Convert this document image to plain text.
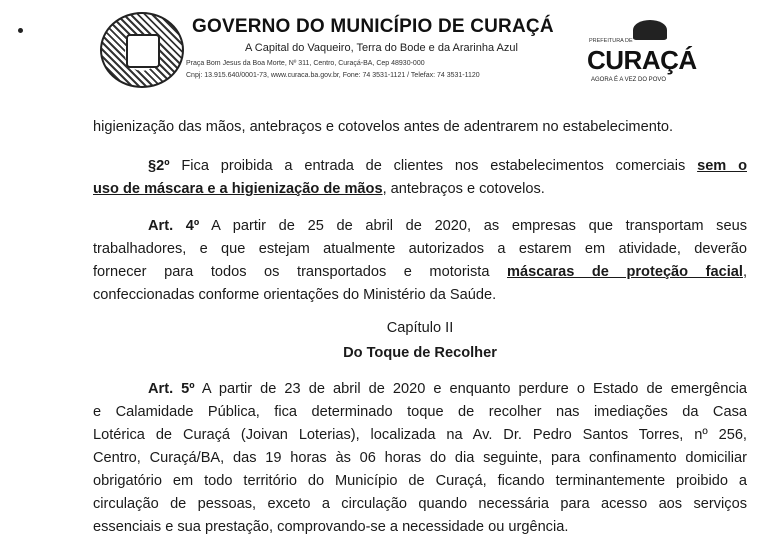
GOVERNO DO MUNICÍPIO DE CURAÇÁ
A Capital do Vaqueiro, Terra do Bode e da Ararinha Azul
Praça Bom Jesus da Boa Morte, Nº 311, Centro, Curaçá-BA, Cep 48930-000
Cnpj: 13.915.640/0001-73, www.curaca.ba.gov.br, Fone: 74 3531-1121 / Telefax: 74 3531-1120
PREFEITURA DE
CURAÇÁ
AGORA É A VEZ DO POVO
higienização das mãos, antebraços e cotovelos antes de adentrarem no estabelecimento.
§2º Fica proibida a entrada de clientes nos estabelecimentos comerciais sem o
uso de máscara e a higienização de mãos, antebraços e cotovelos.
Art. 4º A partir de 25 de abril de 2020, as empresas que transportam seus
trabalhadores, e que estejam atualmente autorizados a estarem em atividade, deverão
fornecer para todos os transportados e motorista máscaras de proteção facial,
confeccionadas conforme orientações do Ministério da Saúde.
Capítulo II
Do Toque de Recolher
Art. 5º A partir de 23 de abril de 2020 e enquanto perdure o Estado de emergência
e Calamidade Pública, fica determinado toque de recolher nas imediações da Casa
Lotérica de Curaçá (Joivan Loterias), localizada na Av. Dr. Pedro Santos Torres, nº 256,
Centro, Curaçá/BA, das 19 horas às 06 horas do dia seguinte, para confinamento domiciliar
obrigatório em todo território do Município de Curaçá, ficando terminantemente proibido a
circulação de pessoas, exceto a circulação quando necessária para acesso aos serviços
essenciais e sua prestação, comprovando-se a necessidade ou urgência.
